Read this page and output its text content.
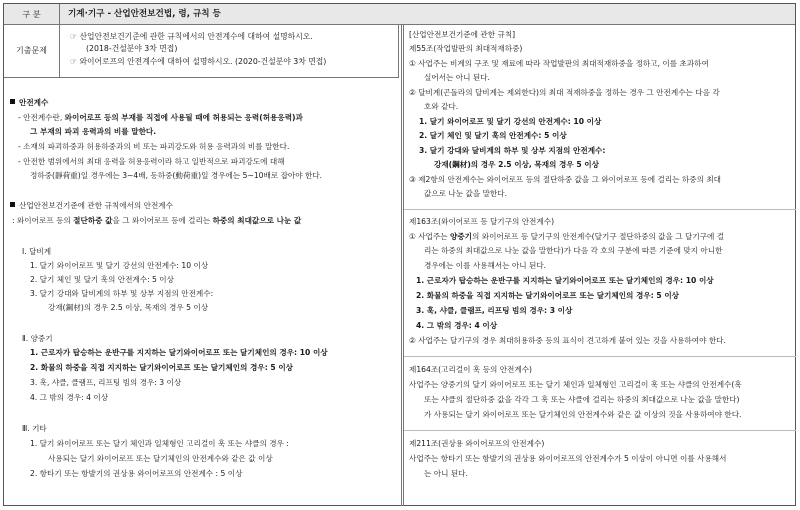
구 분	기계·기구 - 산업안전보건법, 령, 규칙 등
기출문제
☞ 산업안전보건기준에 관한 규칙에서의 안전계수에 대하여 설명하시오.
(2018-건설분야 3차 면접)
☞ 와이어로프의 안전계수에 대하여 설명하시오. (2020-건설분야 3차 면접)
안전계수
- 안전계수란, 와이어로프 등의 부재를 직접에 사용될 때에 허용되는 응력(허용응력)과
그 부재의 파괴 응력과의 비를 말한다.
- 소재의 파괴하중과 허용하중과의 비 또는 파괴강도와 허용 응력과의 비를 말한다.
- 안전한 범위에서의 최대 응력을 허용응력이라 하고 일반적으로 파괴강도에 대해
정하중(靜荷重)일 경우에는 3~4배, 동하중(動荷重)일 경우에는 5~10배로 잡아야 한다.
산업안전보건기준에 관한 규칙에서의 안전계수
: 와이어로프 등의 절단하중 값을 그 와이어로프 등에 걸리는 하중의 최대값으로 나눈 값
Ⅰ. 달비계
1. 달기 와이어로프 및 달기 강선의 안전계수: 10 이상
2. 달기 체인 및 달기 훅의 안전계수: 5 이상
3. 달기 강대와 달비계의 하부 및 상부 지점의 안전계수:
강재(鋼材)의 경우 2.5 이상, 목재의 경우 5 이상
Ⅱ. 양중기
1. 근로자가 탑승하는 운반구를 지지하는 달기와이어로프 또는 달기체인의 경우: 10 이상
2. 화물의 하중을 직접 지지하는 달기와이어로프 또는 달기체인의 경우: 5 이상
3. 훅, 샤클, 클램프, 리프팅 빔의 경우: 3 이상
4. 그 밖의 경우: 4 이상
Ⅲ. 기타
1. 달기 와이어로프 또는 달기 체인과 일체형인 고리걸이 훅 또는 샤클의 경우 :
사용되는 달기 와이어로프 또는 달기체인의 안전계수와 같은 값 이상
2. 항타기 또는 항발기의 권상용 와이어로프의 안전계수 : 5 이상
[산업안전보건기준에 관한 규칙]
제55조(작업발판의 최대적재하중)
① 사업주는 비계의 구조 및 재료에 따라 작업발판의 최대적재하중을 정하고, 이를 초과하여
실어서는 아니 된다.
② 달비계(곤돌라의 달비계는 제외한다)의 최대 적재하중을 정하는 경우 그 안전계수는 다음 각
호와 같다.
1. 달기 와이어로프 및 달기 강선의 안전계수: 10 이상
2. 달기 체인 및 달기 훅의 안전계수: 5 이상
3. 달기 강대와 달비계의 하부 및 상부 지점의 안전계수:
강재(鋼材)의 경우 2.5 이상, 목재의 경우 5 이상
③ 제2항의 안전계수는 와이어로프 등의 절단하중 값을 그 와이어로프 등에 걸리는 하중의 최대
값으로 나눈 값을 말한다.
제163조(와이어로프 등 달기구의 안전계수)
① 사업주는 양중기의 와이어로프 등 달기구의 안전계수(달기구 절단하중의 값을 그 달기구에 걸
리는 하중의 최대값으로 나눈 값을 말한다)가 다음 각 호의 구분에 따른 기준에 맞지 아니한
경우에는 이를 사용해서는 아니 된다.
1. 근로자가 탑승하는 운반구를 지지하는 달기와이어로프 또는 달기체인의 경우: 10 이상
2. 화물의 하중을 직접 지지하는 달기와이어로프 또는 달기체인의 경우: 5 이상
3. 훅, 샤클, 클램프, 리프팅 빔의 경우: 3 이상
4. 그 밖의 경우: 4 이상
② 사업주는 달기구의 경우 최대허용하중 등의 표식이 견고하게 붙어 있는 것을 사용하여야 한다.
제164조(고리걸이 훅 등의 안전계수)
사업주는 양중기의 달기 와이어로프 또는 달기 체인과 일체형인 고리걸이 훅 또는 샤클의 안전계수(훅
또는 샤클의 절단하중 값을 각각 그 훅 또는 샤클에 걸리는 하중의 최대값으로 나눈 값을 말한다)
가 사용되는 달기 와이어로프 또는 달기체인의 안전계수와 같은 값 이상의 것을 사용하여야 한다.
제211조(권상용 와이어로프의 안전계수)
사업주는 항타기 또는 항발기의 권상용 와이어로프의 안전계수가 5 이상이 아니면 이를 사용해서
는 아니 된다.
